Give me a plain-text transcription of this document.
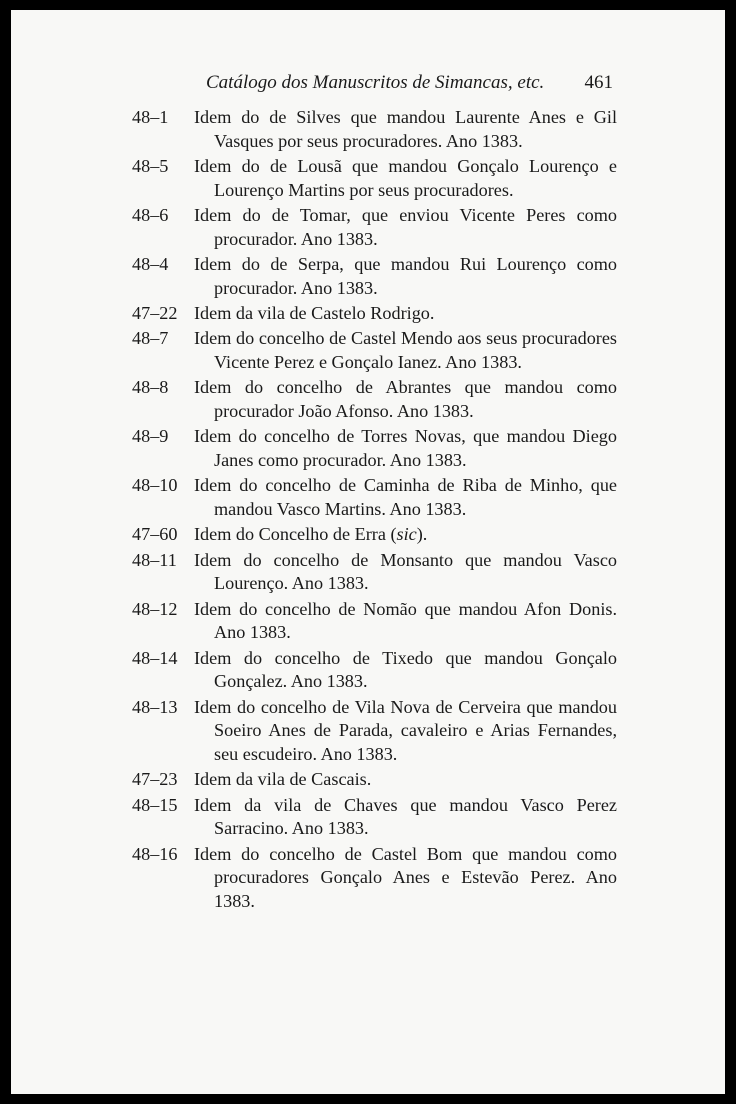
Catálogo dos Manuscritos de Simancas, etc. 461
48–1	Idem do de Silves que mandou Laurente Anes e Gil Vasques por seus procuradores. Ano 1383.
48–5	Idem do de Lousã que mandou Gonçalo Lourenço e Lourenço Martins por seus procuradores.
48–6	Idem do de Tomar, que enviou Vicente Peres como procurador. Ano 1383.
48–4	Idem do de Serpa, que mandou Rui Lourenço como procurador. Ano 1383.
47–22 Idem da vila de Castelo Rodrigo.
48–7	Idem do concelho de Castel Mendo aos seus procuradores Vicente Perez e Gonçalo Ianez. Ano 1383.
48–8	Idem do concelho de Abrantes que mandou como procurador João Afonso. Ano 1383.
48–9	Idem do concelho de Torres Novas, que mandou Diego Janes como procurador. Ano 1383.
48–10 Idem do concelho de Caminha de Riba de Minho, que mandou Vasco Martins. Ano 1383.
47–60 Idem do Concelho de Erra (sic).
48–11 Idem do concelho de Monsanto que mandou Vasco Lourenço. Ano 1383.
48–12 Idem do concelho de Nomão que mandou Afon Donis. Ano 1383.
48–14 Idem do concelho de Tixedo que mandou Gonçalo Gonçalez. Ano 1383.
48–13 Idem do concelho de Vila Nova de Cerveira que mandou Soeiro Anes de Parada, cavaleiro e Arias Fernandes, seu escudeiro. Ano 1383.
47–23 Idem da vila de Cascais.
48–15 Idem da vila de Chaves que mandou Vasco Perez Sarracino. Ano 1383.
48–16 Idem do concelho de Castel Bom que mandou como procuradores Gonçalo Anes e Estevão Perez. Ano 1383.
